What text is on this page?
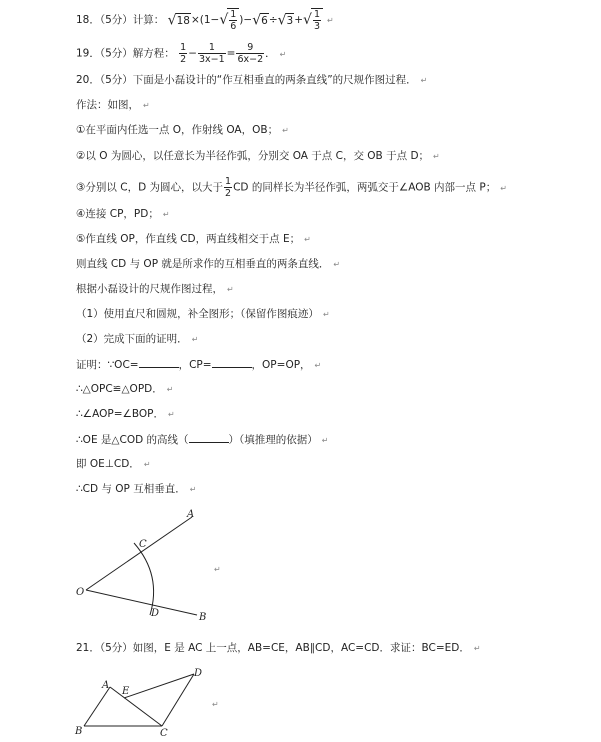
18．（5分）计算： $√18\times(1-√ \frac{1}{6} )-√6\div√3+√ \frac{1}{3}$ ↵
19．（5分）解方程： $\frac{1}{2} - \frac{1}{3x-1} = \frac{9}{6x-2}$ ． ↵
20．（5分）下面是小磊设计的“作互相垂直的两条直线”的尺规作图过程． ↵
作法：如图， ↵
①在平面内任选一点 O，作射线 OA，OB； ↵
②以 O 为圆心，以任意长为半径作弧，分别交 OA 于点 C，交 OB 于点 D； ↵
③分别以 C，D 为圆心，以大于 $\frac{1}{2}$ CD 的同样长为半径作弧，两弧交于∠AOB 内部一点 P； ↵
④连接 CP，PD； ↵
⑤作直线 OP，作直线 CD，两直线相交于点 E； ↵
则直线 CD 与 OP 就是所求作的互相垂直的两条直线． ↵
根据小磊设计的尺规作图过程， ↵
（1）使用直尺和圆规，补全图形；（保留作图痕迹） ↵
（2）完成下面的证明． ↵
证明：∵OC=	，CP=	，OP=OP， ↵
∴△OPC≌△OPD． ↵
∴∠AOP=∠BOP． ↵
∴OE 是△COD 的高线（	）（填推理的依据） ↵
即 OE⊥CD． ↵
∴CD 与 OP 互相垂直． ↵
A
C
O
D	B
↵
21．（5分）如图，E 是 AC 上一点，AB=CE，AB∥CD，AC=CD．求证：BC=ED． ↵
A
E
D
B	C
↵
